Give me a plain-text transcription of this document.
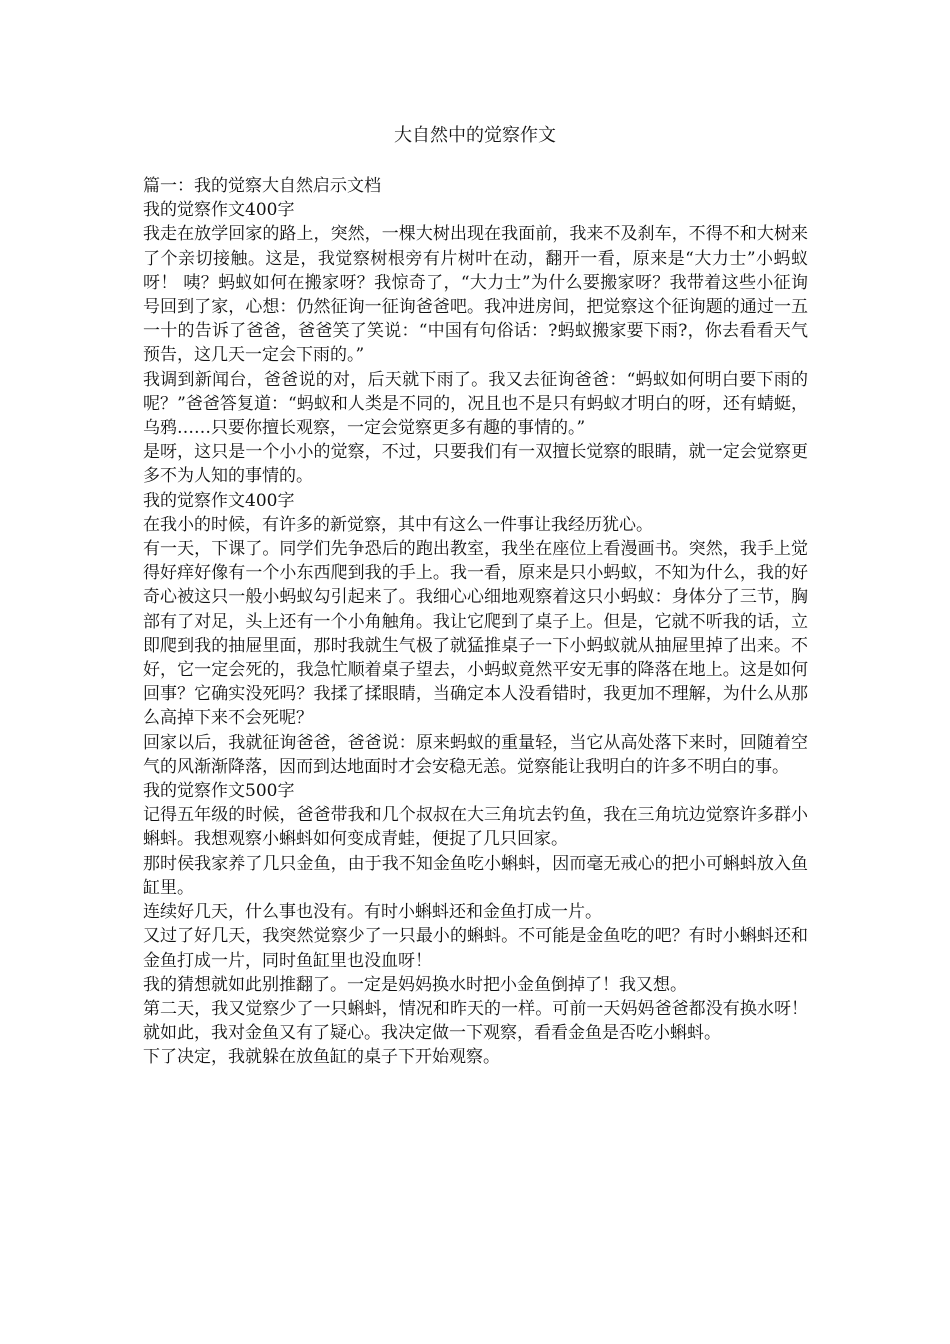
大自然中的觉察作文

篇一：我的觉察大自然启示文档

我的觉察作文400字

我走在放学回家的路上，突然，一棵大树出现在我面前，我来不及刹车，不得不和大树来了个亲切接触。这是，我觉察树根旁有片树叶在动，翻开一看，原来是“大力士”小蚂蚁呀！ 咦？蚂蚁如何在搬家呀？我惊奇了，“大力士”为什么要搬家呀？我带着这些小征询号回到了家，心想：仍然征询一征询爸爸吧。我冲进房间，把觉察这个征询题的通过一五一十的告诉了爸爸，爸爸笑了笑说：“中国有句俗话：?蚂蚁搬家要下雨?，你去看看天气预告，这几天一定会下雨的。”

我调到新闻台，爸爸说的对，后天就下雨了。我又去征询爸爸：“蚂蚁如何明白要下雨的呢？”爸爸答复道：“蚂蚁和人类是不同的，况且也不是只有蚂蚁才明白的呀，还有蜻蜓，乌鸦……只要你擅长观察，一定会觉察更多有趣的事情的。”

是呀，这只是一个小小的觉察，不过，只要我们有一双擅长觉察的眼睛，就一定会觉察更多不为人知的事情的。

我的觉察作文400字

在我小的时候，有许多的新觉察，其中有这么一件事让我经历犹心。

有一天，下课了。同学们先争恐后的跑出教室，我坐在座位上看漫画书。突然，我手上觉得好痒好像有一个小东西爬到我的手上。我一看，原来是只小蚂蚁，不知为什么，我的好奇心被这只一般小蚂蚁勾引起来了。我细心心细地观察着这只小蚂蚁：身体分了三节，胸部有了对足，头上还有一个小角触角。我让它爬到了桌子上。但是，它就不听我的话，立即爬到我的抽屉里面，那时我就生气极了就猛推桌子一下小蚂蚁就从抽屉里掉了出来。不好，它一定会死的，我急忙顺着桌子望去，小蚂蚁竟然平安无事的降落在地上。这是如何回事？它确实没死吗？我揉了揉眼睛，当确定本人没看错时，我更加不理解，为什么从那么高掉下来不会死呢？

回家以后，我就征询爸爸，爸爸说：原来蚂蚁的重量轻，当它从高处落下来时，回随着空气的风渐渐降落，因而到达地面时才会安稳无恙。觉察能让我明白的许多不明白的事。

我的觉察作文500字

记得五年级的时候，爸爸带我和几个叔叔在大三角坑去钓鱼，我在三角坑边觉察许多群小蝌蚪。我想观察小蝌蚪如何变成青蛙，便捉了几只回家。

那时侯我家养了几只金鱼，由于我不知金鱼吃小蝌蚪，因而毫无戒心的把小可蝌蚪放入鱼缸里。

连续好几天，什么事也没有。有时小蝌蚪还和金鱼打成一片。

又过了好几天，我突然觉察少了一只最小的蝌蚪。不可能是金鱼吃的吧？有时小蝌蚪还和金鱼打成一片，同时鱼缸里也没血呀！

我的猜想就如此别推翻了。一定是妈妈换水时把小金鱼倒掉了！我又想。

第二天，我又觉察少了一只蝌蚪，情况和昨天的一样。可前一天妈妈爸爸都没有换水呀！就如此，我对金鱼又有了疑心。我决定做一下观察，看看金鱼是否吃小蝌蚪。

下了决定，我就躲在放鱼缸的桌子下开始观察。
